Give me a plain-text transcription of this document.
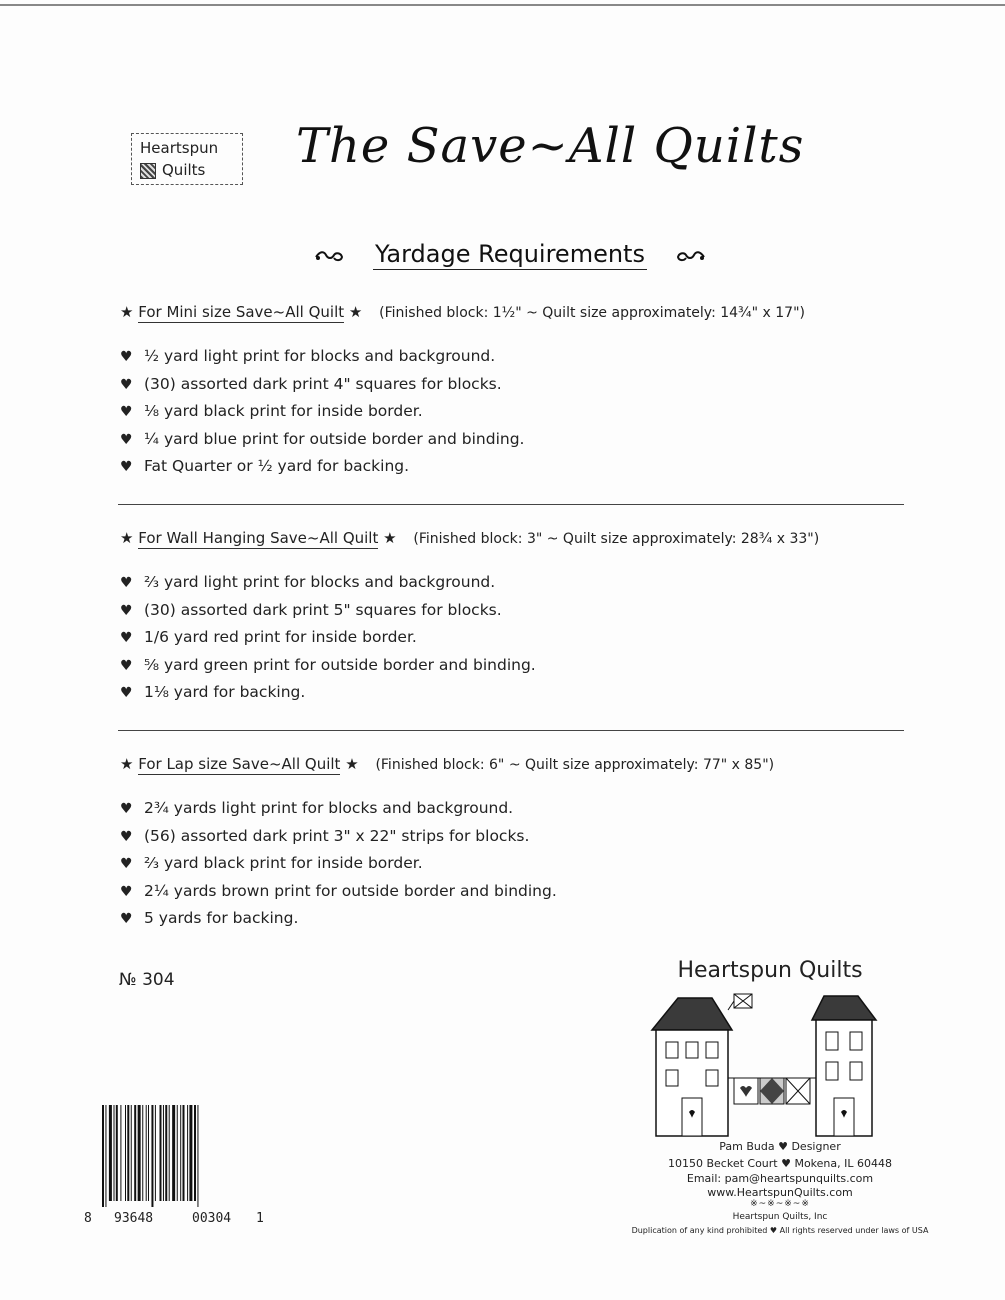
Heartspun
Quilts The Save~All Quilts
Yardage Requirements
★ For Mini size Save~All Quilt ★ (Finished block: 1½" ~ Quilt size approximately: 14¾" x 17")
♥ ½ yard light print for blocks and background.
♥ (30) assorted dark print 4" squares for blocks.
♥ ⅛ yard black print for inside border.
♥ ¼ yard blue print for outside border and binding.
♥ Fat Quarter or ½ yard for backing.
★ For Wall Hanging Save~All Quilt ★ (Finished block: 3" ~ Quilt size approximately: 28¾ x 33")
♥ ⅔ yard light print for blocks and background.
♥ (30) assorted dark print 5" squares for blocks.
♥ 1/6 yard red print for inside border.
♥ ⅝ yard green print for outside border and binding.
♥ 1⅛ yard for backing.
★ For Lap size Save~All Quilt ★ (Finished block: 6" ~ Quilt size approximately: 77" x 85")
♥ 2¾ yards light print for blocks and background.
♥ (56) assorted dark print 3" x 22" strips for blocks.
♥ ⅔ yard black print for inside border.
♥ 2¼ yards brown print for outside border and binding.
♥ 5 yards for backing.
№ 304
8 93648	00304 1
Heartspun Quilts
Pam Buda ♥ Designer
10150 Becket Court ♥ Mokena, IL 60448
Email: pam@heartspunquilts.com
www.HeartspunQuilts.com
※~※~※~※
Heartspun Quilts, Inc
Duplication of any kind prohibited ♥ All rights reserved under laws of USA
